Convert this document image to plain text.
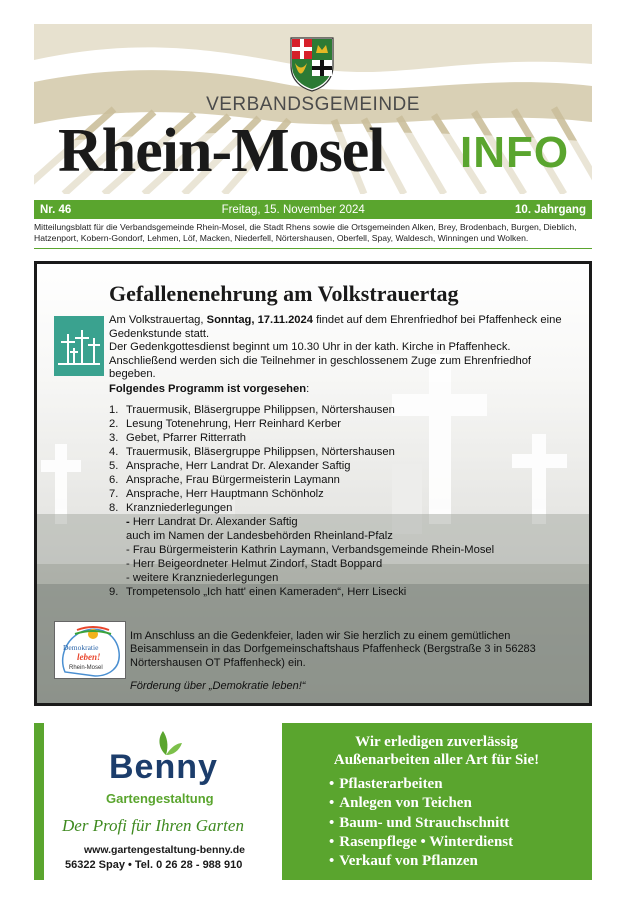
VERBANDSGEMEINDE
Rhein-Mosel INFO
Nr. 46	Freitag, 15. November 2024	10. Jahrgang
Mitteilungsblatt für die Verbandsgemeinde Rhein-Mosel, die Stadt Rhens sowie die Ortsgemeinden Alken, Brey, Brodenbach, Burgen, Dieblich, Hatzenport, Kobern-Gondorf, Lehmen, Löf, Macken, Niederfell, Nörtershausen, Oberfell, Spay, Waldesch, Winningen und Wolken.
Gefallenenehrung am Volkstrauertag
Am Volkstrauertag, Sonntag, 17.11.2024 findet auf dem Ehrenfriedhof bei Pfaffenheck eine Gedenkstunde statt.
Der Gedenkgottesdienst beginnt um 10.30 Uhr in der kath. Kirche in Pfaffenheck. Anschließend werden sich die Teilnehmer in geschlossenem Zuge zum Ehrenfriedhof begeben.
Folgendes Programm ist vorgesehen:
1. Trauermusik, Bläsergruppe Philippsen, Nörtershausen
2. Lesung Totenehrung, Herr Reinhard Kerber
3. Gebet, Pfarrer Ritterrath
4. Trauermusik, Bläsergruppe Philippsen, Nörtershausen
5. Ansprache, Herr Landrat Dr. Alexander Saftig
6. Ansprache, Frau Bürgermeisterin Laymann
7. Ansprache, Herr Hauptmann Schönholz
8. Kranzniederlegungen
- Herr Landrat Dr. Alexander Saftig
auch im Namen der Landesbehörden Rheinland-Pfalz
- Frau Bürgermeisterin Kathrin Laymann, Verbandsgemeinde Rhein-Mosel
- Herr Beigeordneter Helmut Zindorf, Stadt Boppard
- weitere Kranzniederlegungen
9. Trompetensolo „Ich hatt' einen Kameraden“, Herr Lisecki
Demokratie
leben!
Rhein-Mosel
Im Anschluss an die Gedenkfeier, laden wir Sie herzlich zu einem gemütlichen Beisammensein in das Dorfgemeinschaftshaus Pfaffenheck (Bergstraße 3 in 56283 Nörtershausen OT Pfaffenheck) ein.
Förderung über „Demokratie leben!“
Benny
Gartengestaltung
Der Profi für Ihren Garten
www.gartengestaltung-benny.de
56322 Spay • Tel. 0 26 28 - 988 910
Wir erledigen zuverlässig
Außenarbeiten aller Art für Sie!
• Pflasterarbeiten
• Anlegen von Teichen
• Baum- und Strauchschnitt
• Rasenpflege • Winterdienst
• Verkauf von Pflanzen
